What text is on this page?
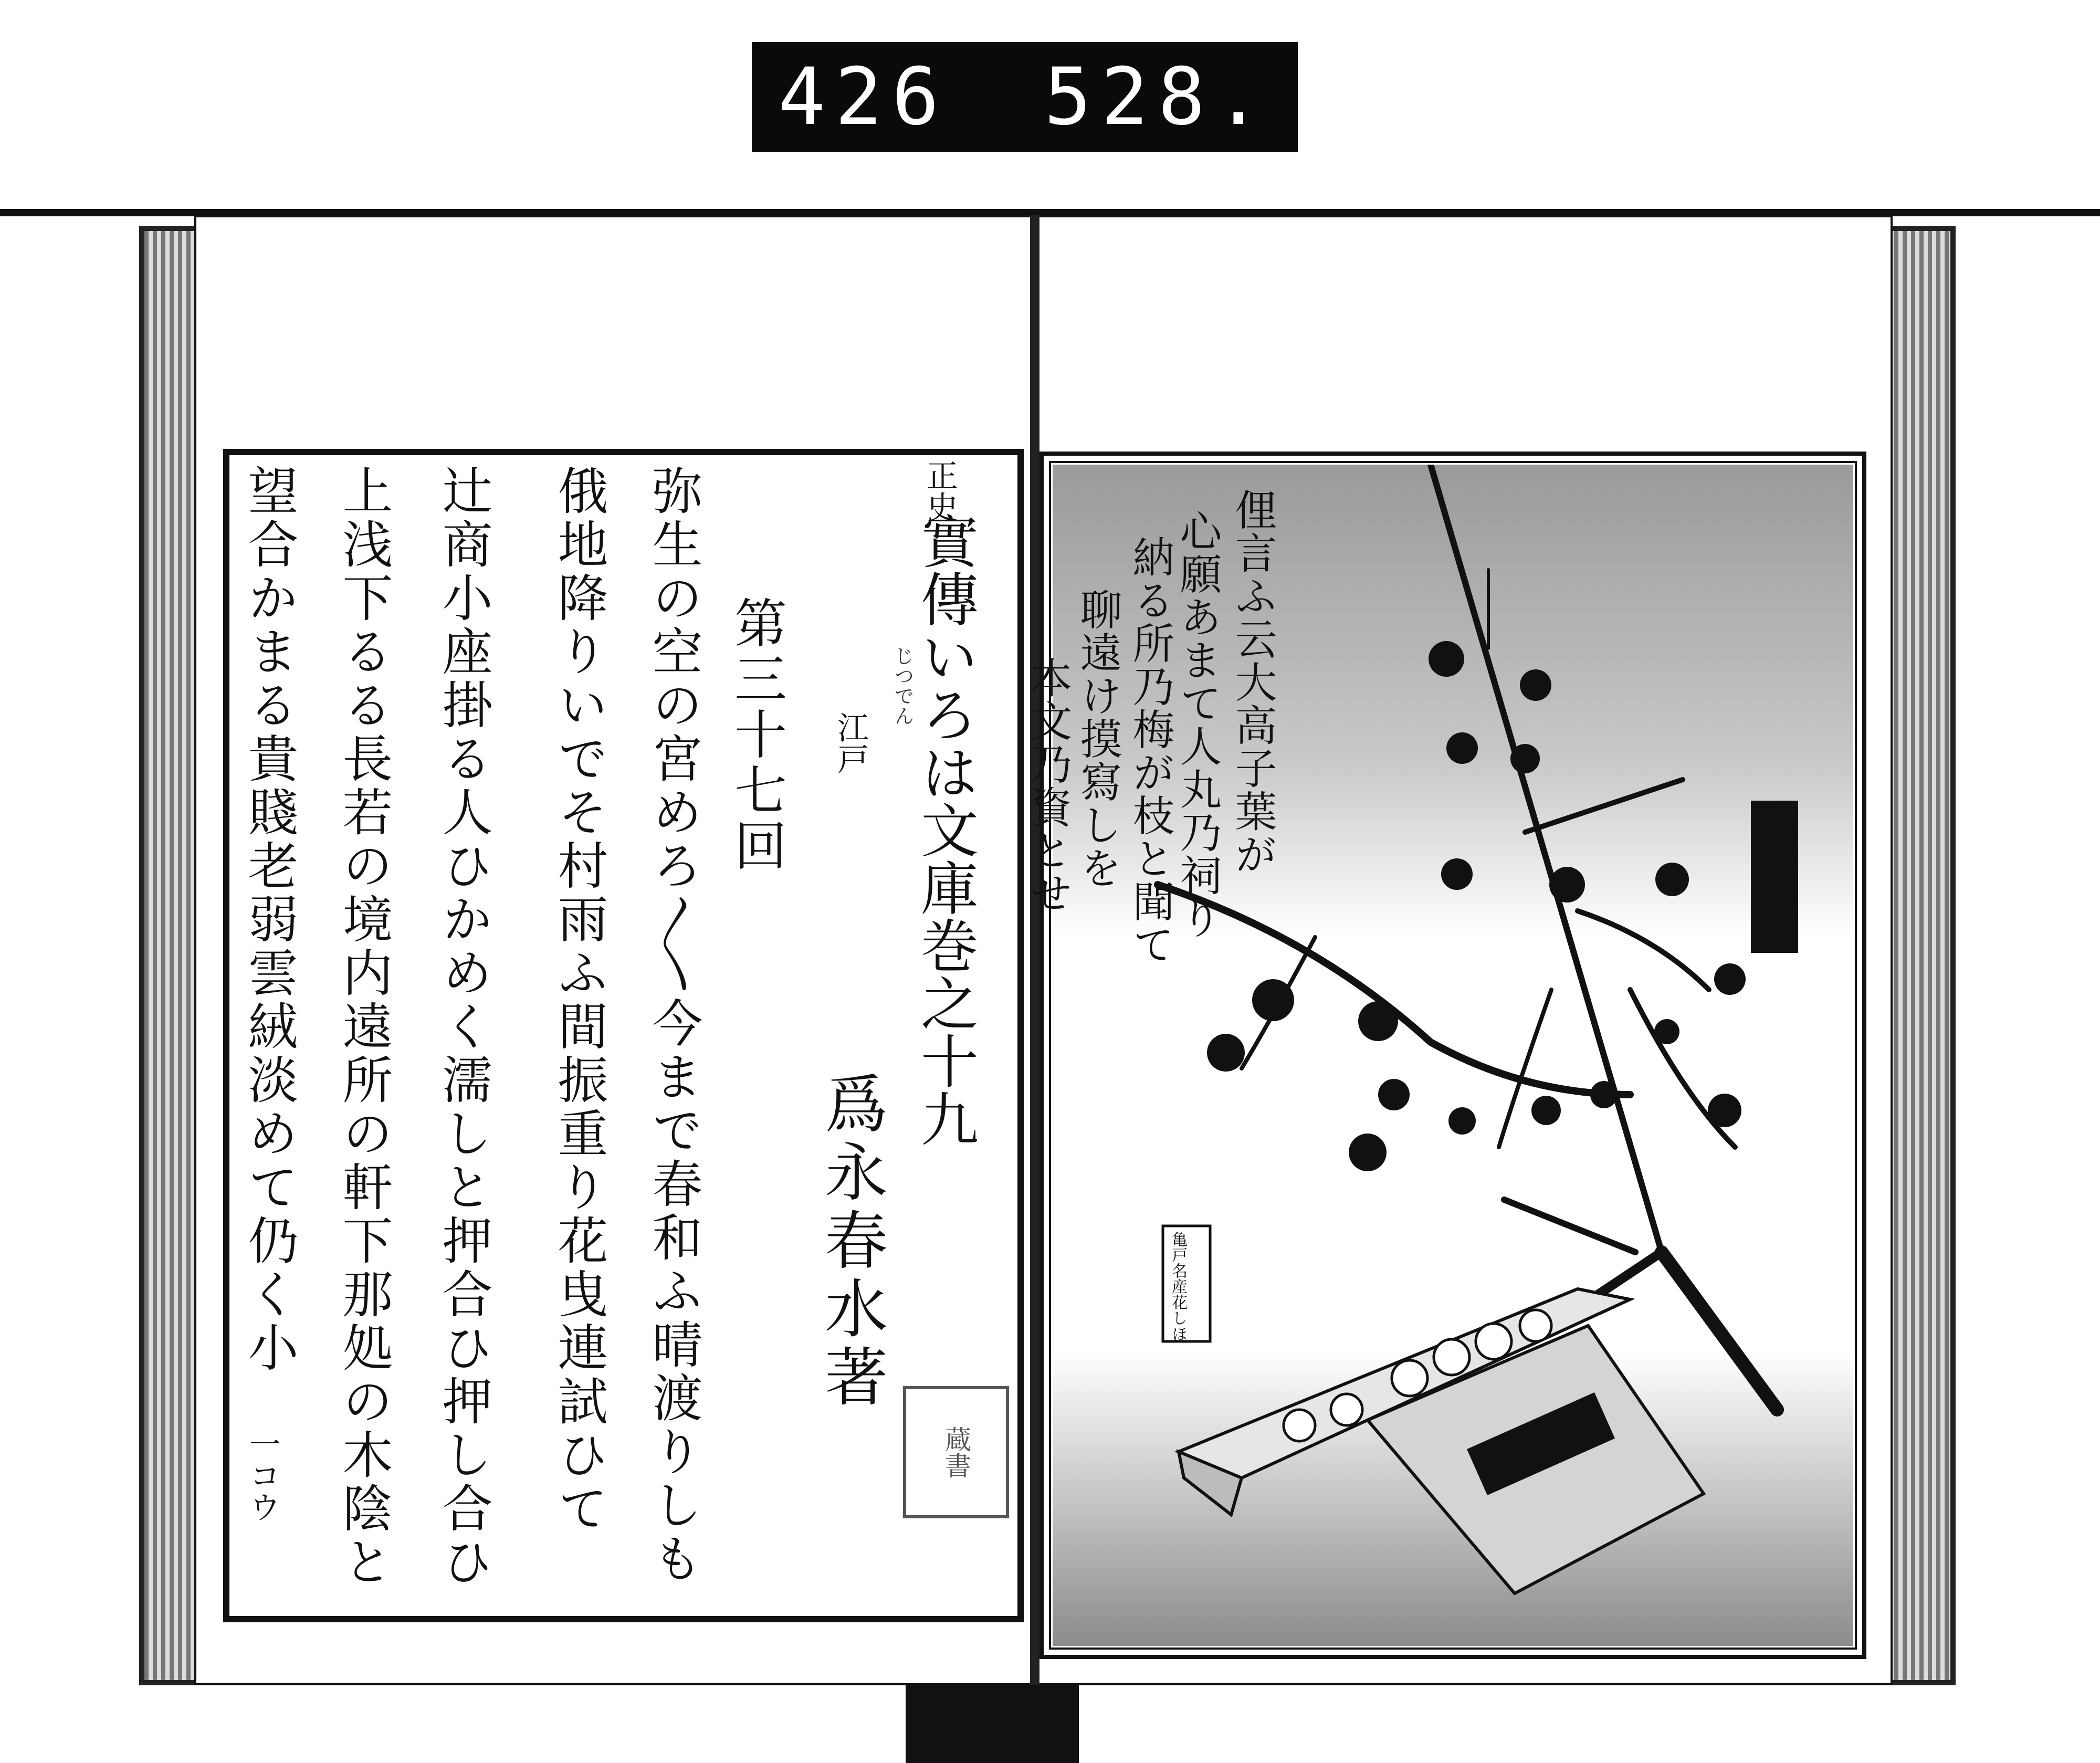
426 528.
正史
實傳いろは文庫巻之十九
じつでん
江戸
爲永春水著
第三十七回
弥生の空の宮めろ〳〵今まで春和ふ晴渡りしも
俄地降りいでそ村雨ふ間振重り花曳連試ひて
辻商小座掛る人ひかめく濡しと押合ひ押し合ひ
上浅下るる長若の境内遠所の軒下那処の木陰と
望合かまる貴賤老弱雲絨淡めて仍く小
一コウ	蔵書
俚言ふ云大高子葉が
心願あまて人丸乃祠り
納る所乃梅が枝と聞て
聊遠け摸寫しを
本文乃資とせ
亀戸名産花しほ
